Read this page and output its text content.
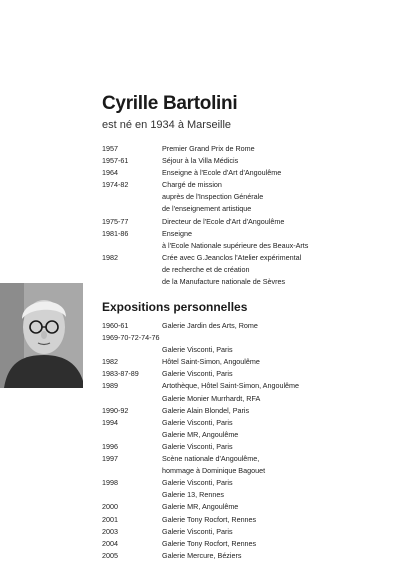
Cyrille Bartolini
est né en 1934 à Marseille
1957	Premier Grand Prix de Rome
1957-61	Séjour à la Villa Médicis
1964	Enseigne à l'Ecole d'Art d'Angoulême
1974-82	Chargé de mission
auprès de l'Inspection Générale
de l'enseignement artistique
1975-77	Directeur de l'Ecole d'Art d'Angoulême
1981-86	Enseigne
à l'Ecole Nationale supérieure des Beaux-Arts
1982	Crée avec G.Jeanclos l'Atelier expérimental
de recherche et de création
de la Manufacture nationale de Sèvres
Expositions personnelles
1960-61	Galerie Jardin des Arts, Rome
1969-70-72-74-76
Galerie Visconti, Paris
1982	Hôtel Saint-Simon, Angoulême
1983-87-89	Galerie Visconti, Paris
1989	Artothèque, Hôtel Saint-Simon, Angoulême
Galerie Monier Murrhardt, RFA
1990-92	Galerie Alain Blondel, Paris
1994	Galerie Visconti, Paris
Galerie MR, Angoulême
1996	Galerie Visconti, Paris
1997	Scène nationale d'Angoulême,
hommage à Dominique Bagouet
1998	Galerie Visconti, Paris
Galerie 13, Rennes
2000	Galerie MR, Angoulême
2001	Galerie Tony Rocfort, Rennes
2003	Galerie Visconti, Paris
2004	Galerie Tony Rocfort, Rennes
2005	Galerie Mercure, Béziers
